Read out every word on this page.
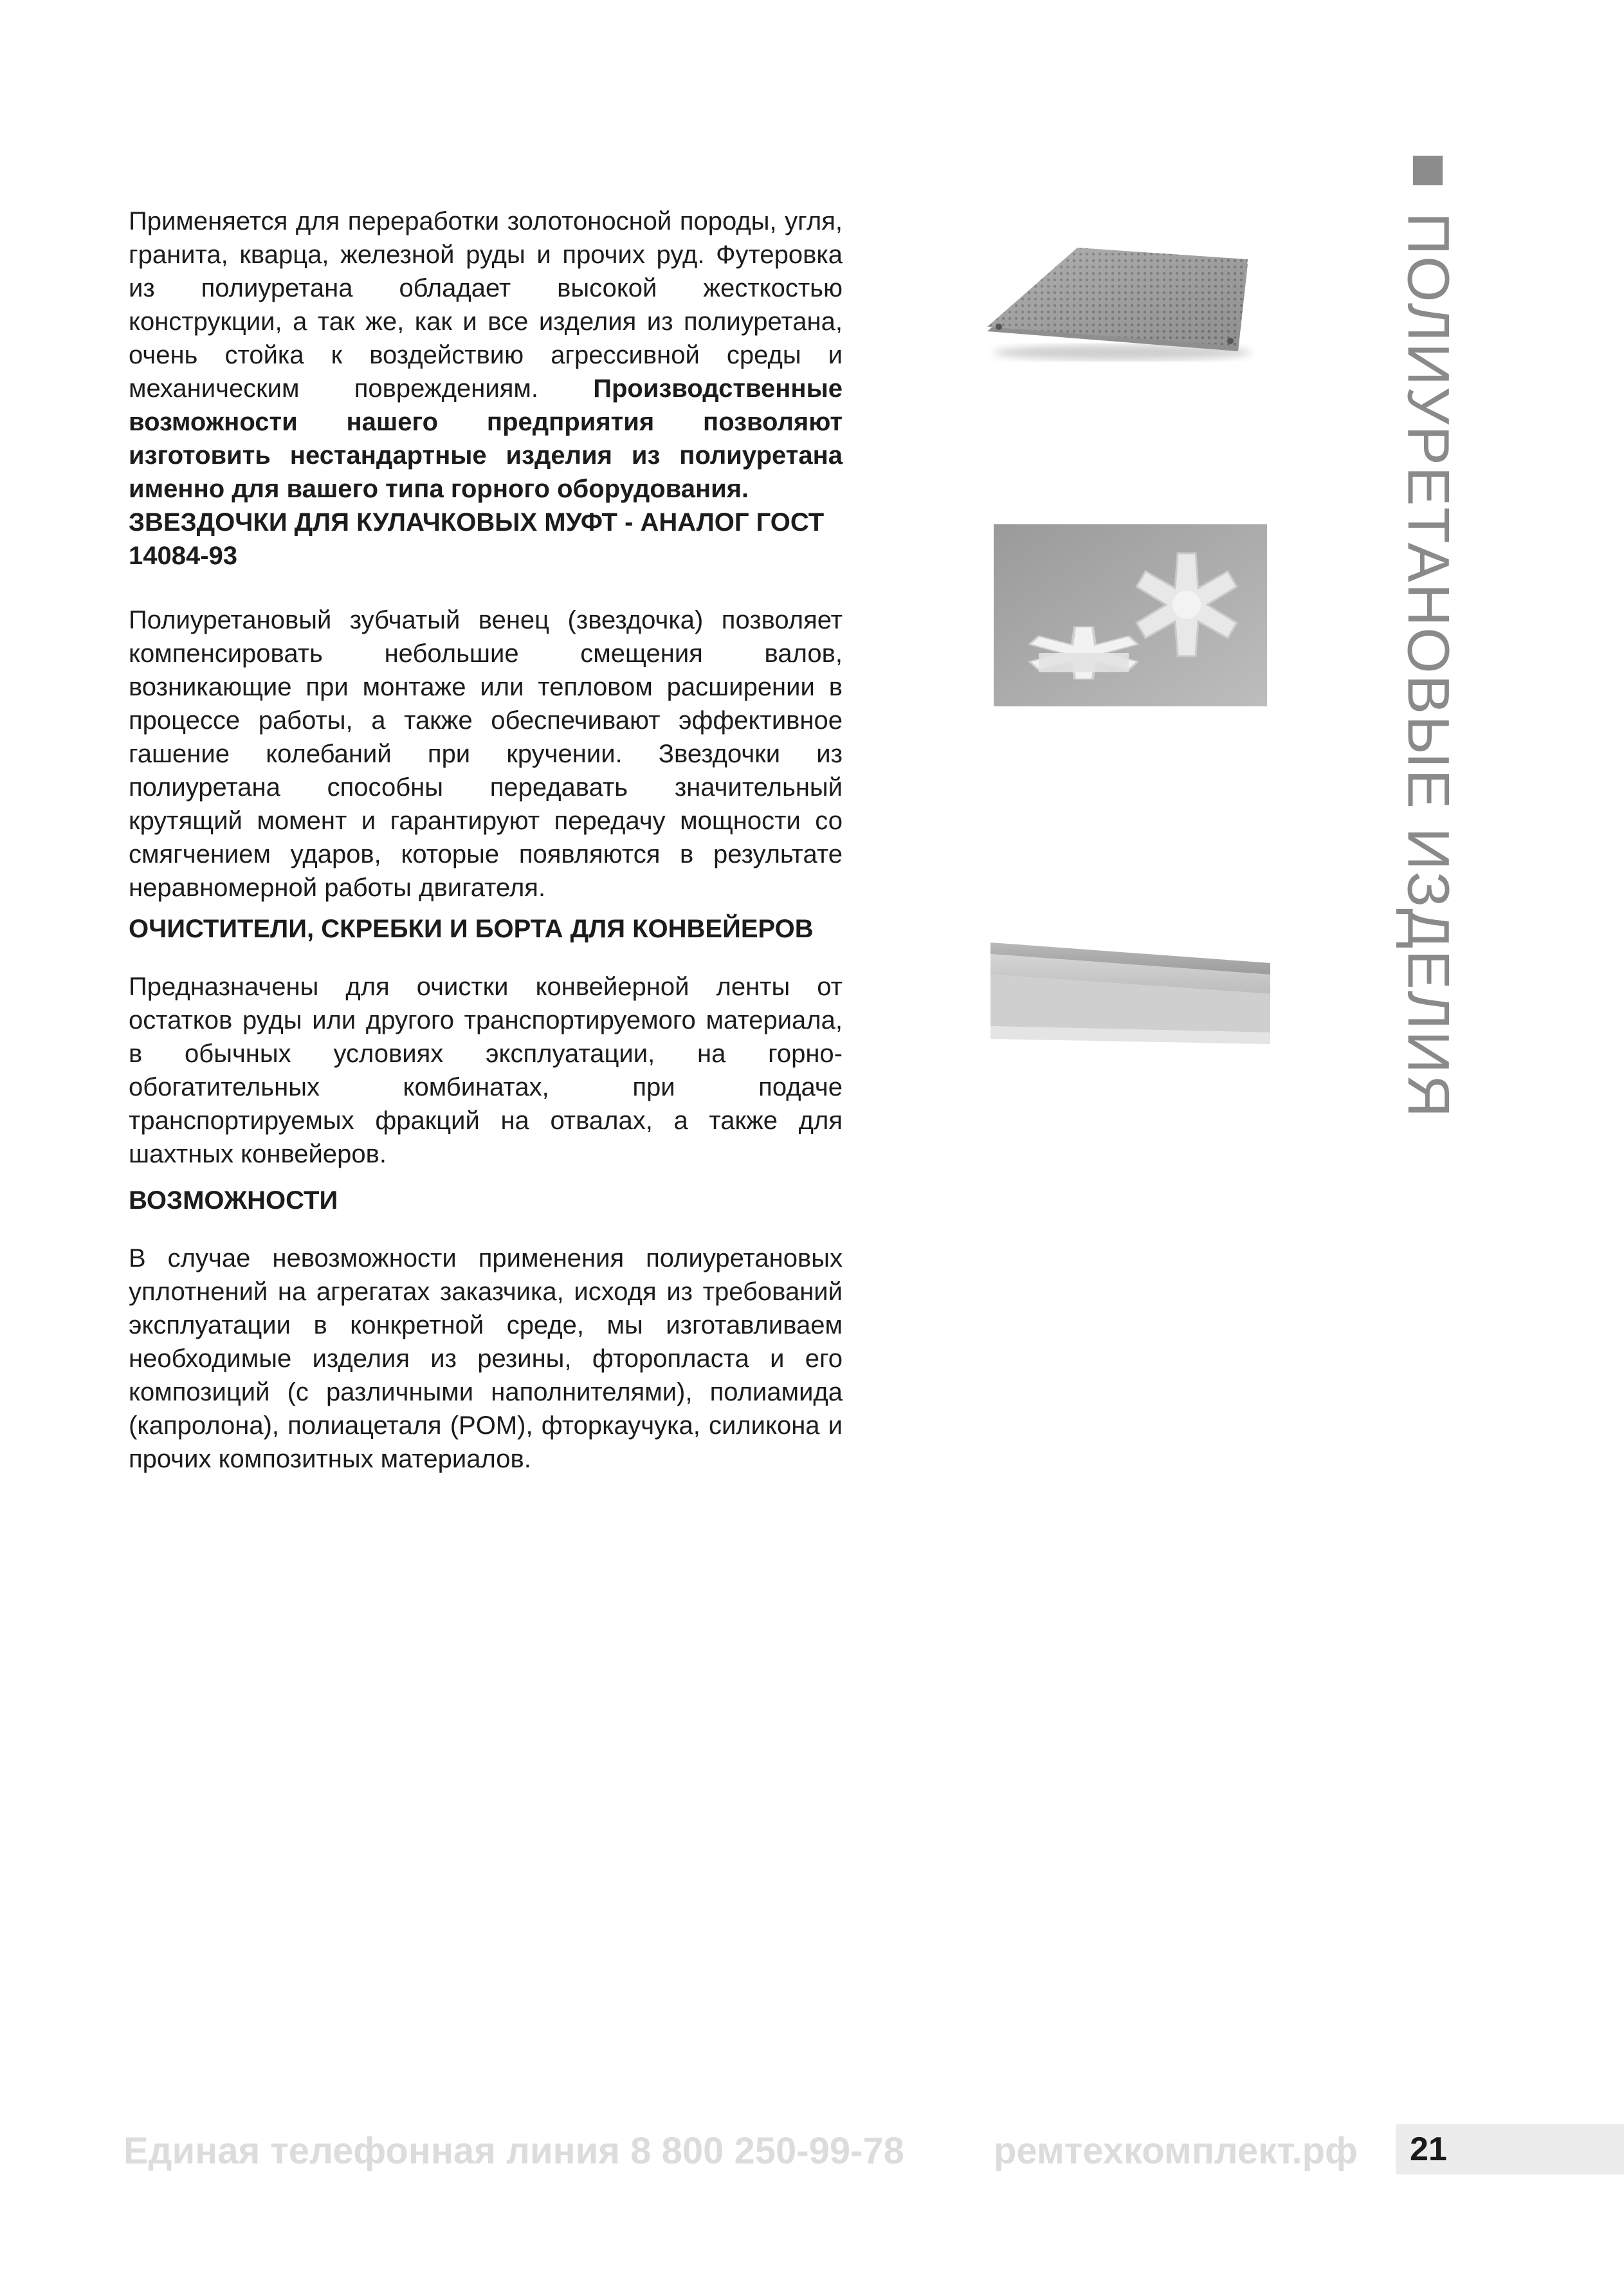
Применяется для переработки золотоносной породы, угля, гранита, кварца, железной руды и прочих руд. Футеровка из полиуретана обладает высокой жесткостью конструкции, а так же, как и все изделия из полиуретана, очень стойка к воздействию агрессивной среды и механическим повреждениям. Производственные возможности нашего предприятия позволяют изготовить нестандартные изделия из полиуретана именно для вашего типа горного оборудования.

ЗВЕЗДОЧКИ ДЛЯ КУЛАЧКОВЫХ МУФТ - АНАЛОГ ГОСТ 14084-93

Полиуретановый зубчатый венец (звездочка) позволяет компенсировать небольшие смещения валов, возникающие при монтаже или тепловом расширении в процессе работы, а также обеспечивают эффективное гашение колебаний при кручении. Звездочки из полиуретана способны передавать значительный крутящий момент и гарантируют передачу мощности со смягчением ударов, которые появляются в результате неравномерной работы двигателя.

ОЧИСТИТЕЛИ, СКРЕБКИ И БОРТА ДЛЯ КОНВЕЙЕРОВ

Предназначены для очистки конвейерной ленты от остатков руды или другого транспортируемого материала, в обычных условиях эксплуатации, на горно-обогатительных комбинатах, при подаче транспортируемых фракций на отвалах, а также для шахтных конвейеров.

ВОЗМОЖНОСТИ

В случае невозможности применения полиуретановых уплотнений на агрегатах заказчика, исходя из требований эксплуатации в конкретной среде, мы изготавливаем необходимые изделия из резины, фторопласта и его композиций (с различными наполнителями), полиамида (капролона), полиацеталя (POM), фторкаучука, силикона и прочих композитных материалов.

ПОЛИУРЕТАНОВЫЕ ИЗДЕЛИЯ
Единая телефонная линия 8 800 250-99-78 ремтехкомплект.рф 21
